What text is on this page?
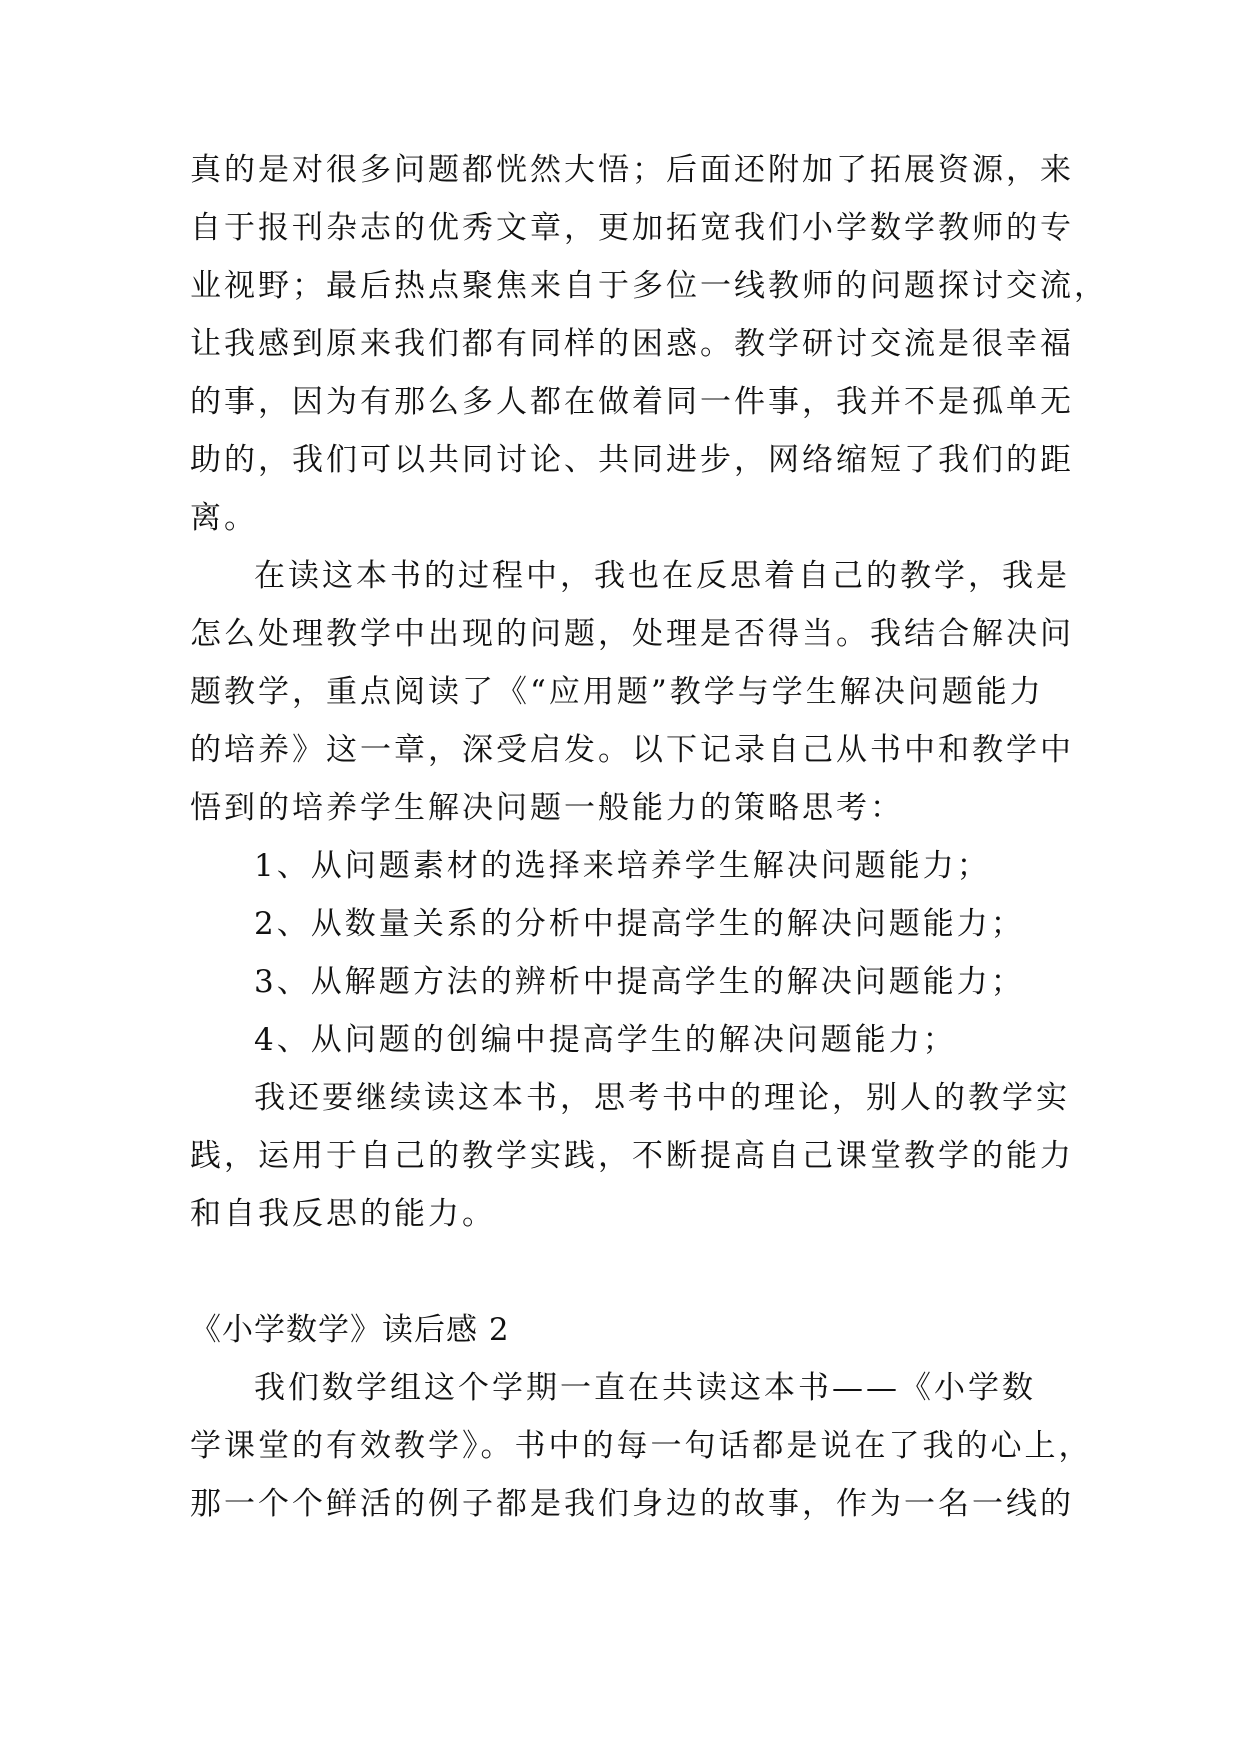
真的是对很多问题都恍然大悟；后面还附加了拓展资源，来
自于报刊杂志的优秀文章，更加拓宽我们小学数学教师的专
业视野；最后热点聚焦来自于多位一线教师的问题探讨交流，
让我感到原来我们都有同样的困惑。教学研讨交流是很幸福
的事，因为有那么多人都在做着同一件事，我并不是孤单无
助的，我们可以共同讨论、共同进步，网络缩短了我们的距
离。
在读这本书的过程中，我也在反思着自己的教学，我是
怎么处理教学中出现的问题，处理是否得当。我结合解决问
题教学，重点阅读了《“应用题”教学与学生解决问题能力
的培养》这一章，深受启发。以下记录自己从书中和教学中
悟到的培养学生解决问题一般能力的策略思考：
1、从问题素材的选择来培养学生解决问题能力；
2、从数量关系的分析中提高学生的解决问题能力；
3、从解题方法的辨析中提高学生的解决问题能力；
4、从问题的创编中提高学生的解决问题能力；
我还要继续读这本书，思考书中的理论，别人的教学实
践，运用于自己的教学实践，不断提高自己课堂教学的能力
和自我反思的能力。
《小学数学》读后感 2
我们数学组这个学期一直在共读这本书——《小学数
学课堂的有效教学》。书中的每一句话都是说在了我的心上，
那一个个鲜活的例子都是我们身边的故事，作为一名一线的
